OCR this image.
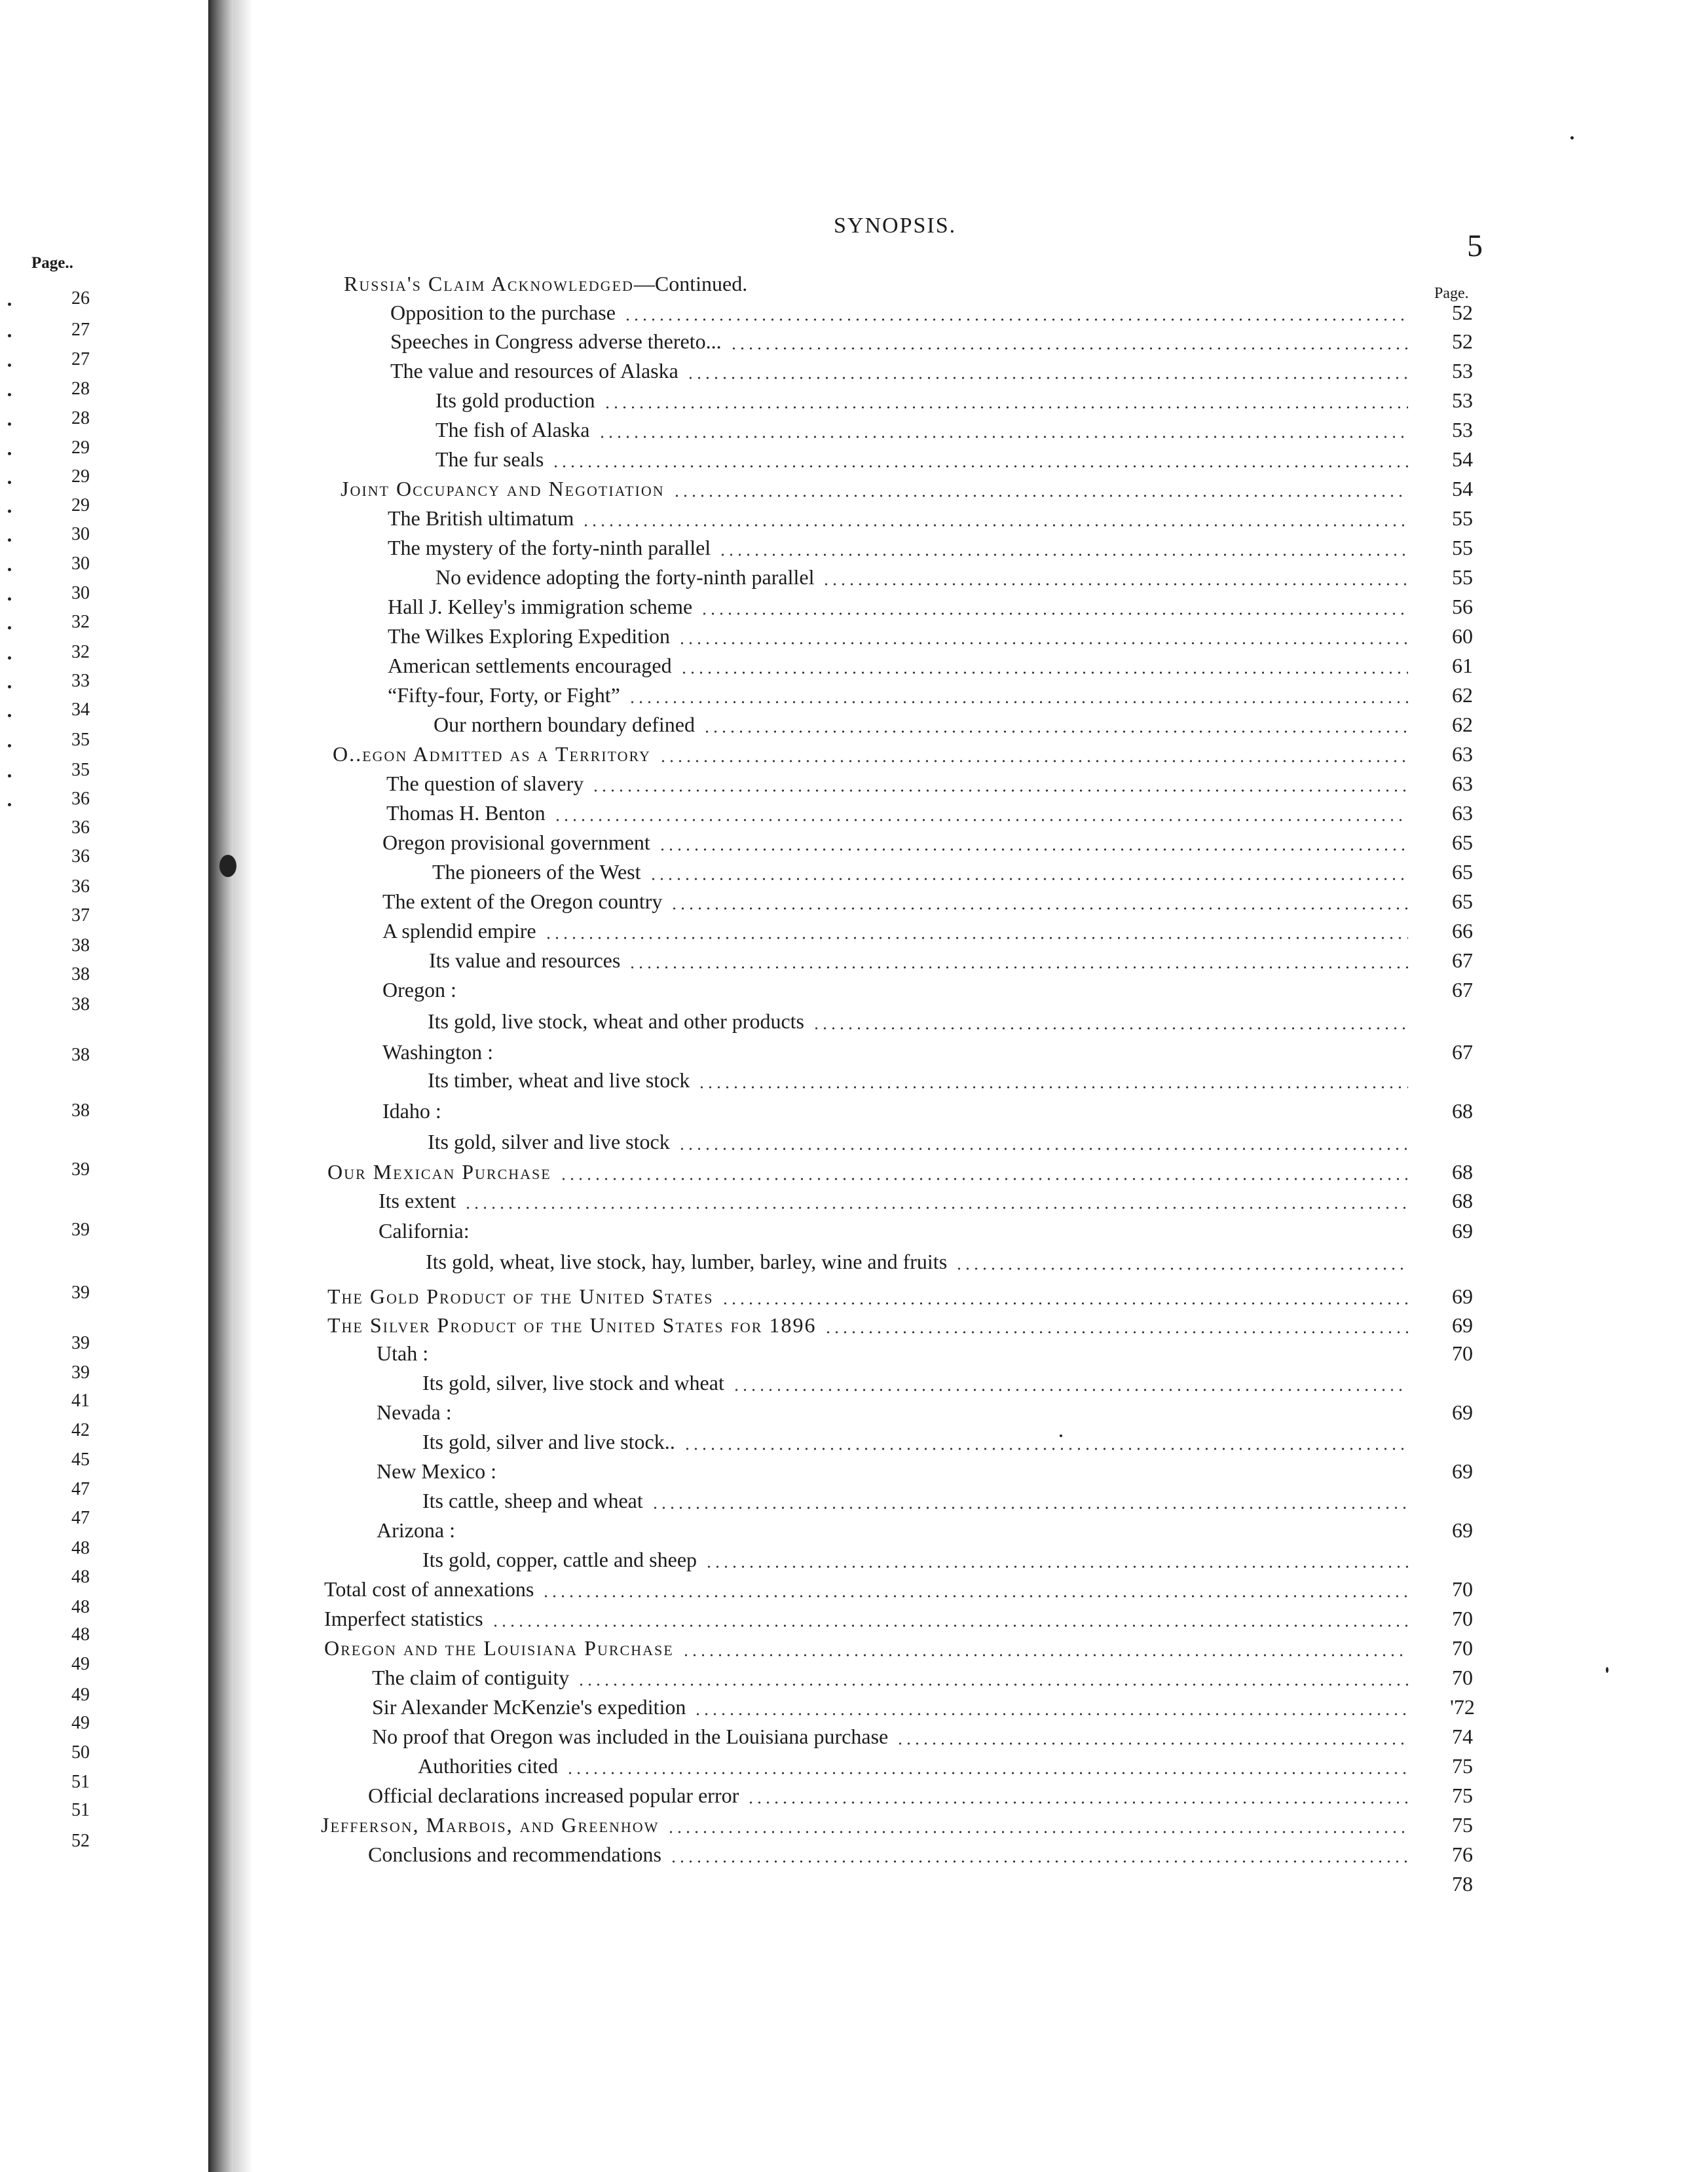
SYNOPSIS.
5
Page.
Page..
26
27
27
28
28
29
29
29
30
30
30
32
32
33
34
35
35
36
36
36
36
37
38
38
38
38
38
39
39
39
39
39
41
42
45
47
47
48
48
48
48
49
49
49
50
51
51
52
Russia's Claim Acknowledged—Continued.
Opposition to the purchase	52
Speeches in Congress adverse thereto...	52
The value and resources of Alaska	53
Its gold production	53
The fish of Alaska	53
The fur seals	54
Joint Occupancy and Negotiation	54
The British ultimatum	55
The mystery of the forty-ninth parallel	55
No evidence adopting the forty-ninth parallel	55
Hall J. Kelley's immigration scheme	56
The Wilkes Exploring Expedition	60
American settlements encouraged	61
“Fifty-four, Forty, or Fight”	62
Our northern boundary defined	62
O..egon Admitted as a Territory	63
The question of slavery	63
Thomas H. Benton	63
Oregon provisional government	65
The pioneers of the West	65
The extent of the Oregon country	65
A splendid empire	66
Its value and resources	67
Oregon :	67
Its gold, live stock, wheat and other products
Washington :	67
Its timber, wheat and live stock
Idaho :	68
Its gold, silver and live stock
Our Mexican Purchase	68
Its extent	68
California:	69
Its gold, wheat, live stock, hay, lumber, barley, wine and fruits
The Gold Product of the United States	69
The Silver Product of the United States for 1896	69
Utah :	70
Its gold, silver, live stock and wheat
Nevada :	69
Its gold, silver and live stock..
New Mexico :	69
Its cattle, sheep and wheat
Arizona :	69
Its gold, copper, cattle and sheep
Total cost of annexations	70
Imperfect statistics	70
Oregon and the Louisiana Purchase	70
The claim of contiguity	70
Sir Alexander McKenzie's expedition	'72
No proof that Oregon was included in the Louisiana purchase	74
Authorities cited	75
Official declarations increased popular error	75
Jefferson, Marbois, and Greenhow	75
Conclusions and recommendations	76
78
